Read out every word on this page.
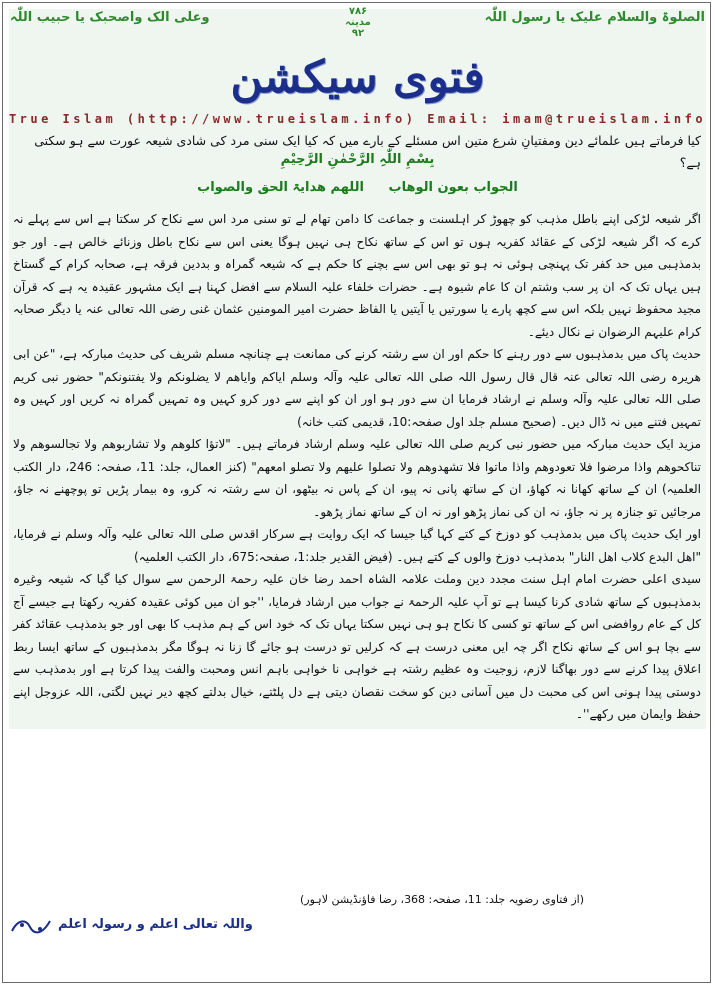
الصلوۃ والسلام علیک یا رسول اللّٰہ
۷۸۶
مدینہ
۹۲
وعلی الک واصحبک یا حبیب اللّٰہ
فتوی سیکشن
True Islam (http://www.trueislam.info) Email: imam@trueislam.info
کیا فرماتے ہیں علمائے دین ومفتیانِ شرع متین اس مسئلے کے بارے میں کہ کیا ایک سنی مرد کی شادی شیعہ عورت سے ہو سکتی ہے؟
بِسْمِ اللّٰہِ الرَّحْمٰنِ الرَّحِیْمِ
الجواب بعون الوھاب اللھم ھدایۃ الحق والصواب

اگر شیعہ لڑکی اپنے باطل مذہب کو چھوڑ کر اہلسنت و جماعت کا دامن تھام لے تو سنی مرد اس سے نکاح کر سکتا ہے اس سے پہلے نہ کرے کہ اگر شیعہ لڑکی کے عقائد کفریہ ہوں تو اس کے ساتھ نکاح ہی نہیں ہوگا یعنی اس سے نکاح باطل وزنائے خالص ہے۔ اور جو بدمذہبی میں حد کفر تک پہنچی ہوئی نہ ہو تو بھی اس سے بچنے کا حکم ہے کہ شیعہ گمراہ و بددین فرقہ ہے، صحابہ کرام کے گستاخ ہیں یہاں تک کہ ان پر سب وشتم ان کا عام شیوہ ہے۔ حضرات خلفاء علیہ السلام سے افضل کہنا ہے ایک مشہور عقیدہ یہ ہے کہ قرآن مجید محفوظ نہیں بلکہ اس سے کچھ پارے یا سورتیں یا آیتیں یا الفاظ حضرت امیر المومنین عثمان غنی رضی اللہ تعالی عنہ یا دیگر صحابہ کرام علیہم الرضوان نے نکال دیئے۔

حدیث پاک میں بدمذہبوں سے دور رہنے کا حکم اور ان سے رشتہ کرنے کی ممانعت ہے چنانچہ مسلم شریف کی حدیث مبارکہ ہے، "عن ابی هریرہ رضی اللہ تعالی عنہ قال قال رسول اللہ صلی اللہ تعالی علیہ وآلہ وسلم ایاکم وایاھم لا یضلونکم ولا یفتنونکم" حضور نبی کریم صلی اللہ تعالی علیہ وآلہ وسلم نے ارشاد فرمایا ان سے دور ہو اور ان کو اپنے سے دور کرو کہیں وہ تمہیں گمراہ نہ کریں اور کہیں وہ تمہیں فتنے میں نہ ڈال دیں۔ (صحیح مسلم جلد اول صفحہ:10، قدیمی کتب خانہ)

مزید ایک حدیث مبارکہ میں حضور نبی کریم صلی اللہ تعالی علیہ وسلم ارشاد فرماتے ہیں۔ "لاتؤا کلوھم ولا تشاربوھم ولا تجالسوھم ولا تناکحوھم واذا مرضوا فلا تعودوھم واذا ماتوا فلا تشھدوھم ولا تصلوا علیھم ولا تصلو امعھم" (کنز العمال، جلد: 11، صفحہ: 246، دار الکتب العلمیہ) ان کے ساتھ کھانا نہ کھاؤ، ان کے ساتھ پانی نہ پیو، ان کے پاس نہ بیٹھو، ان سے رشتہ نہ کرو، وہ بیمار پڑیں تو پوچھنے نہ جاؤ، مرجائیں تو جنازہ پر نہ جاؤ، نہ ان کی نماز پڑھو اور نہ ان کے ساتھ نماز پڑھو۔

اور ایک حدیث پاک میں بدمذہب کو دوزخ کے کتے کہا گیا جیسا کہ ایک روایت ہے سرکار اقدس صلی اللہ تعالی علیہ وآلہ وسلم نے فرمایا، "اھل البدع کلاب اھل النار" بدمذہب دوزخ والوں کے کتے ہیں۔ (فیض القدیر جلد:1، صفحہ:675، دار الکتب العلمیہ)

سیدی اعلی حضرت امام اہل سنت مجدد دین وملت علامہ الشاہ احمد رضا خان علیہ رحمۃ الرحمن سے سوال کیا گیا کہ شیعہ وغیرہ بدمذہبوں کے ساتھ شادی کرنا کیسا ہے تو آپ علیہ الرحمۃ نے جواب میں ارشاد فرمایا، ''جو ان میں کوئی عقیدہ کفریہ رکھتا ہے جیسے آج کل کے عام روافضی اس کے ساتھ تو کسی کا نکاح ہو ہی نہیں سکتا یہاں تک کہ خود اس کے ہم مذہب کا بھی اور جو بدمذہب عقائد کفر سے بچا ہو اس کے ساتھ نکاح اگر چہ ایں معنی درست ہے کہ کرلیں تو درست ہو جائے گا زنا نہ ہوگا مگر بدمذہبوں کے ساتھ ایسا ربط اعلاق پیدا کرنے سے دور بھاگنا لازم، زوجیت وہ عظیم رشتہ ہے خواہی نا خواہی باہم انس ومحبت والفت پیدا کرتا ہے اور بدمذہب سے دوستی پیدا ہونی اس کی محبت دل میں آسانی دین کو سخت نقصان دیتی ہے دل پلٹتے، خیال بدلتے کچھ دیر نہیں لگتی، اللہ عزوجل اپنے حفظ وایمان میں رکھے''۔

(از فتاوی رضویہ جلد: 11، صفحہ: 368، رضا فاؤنڈیشن لاہور)
واللہ تعالی اعلم و رسولہ اعلم
